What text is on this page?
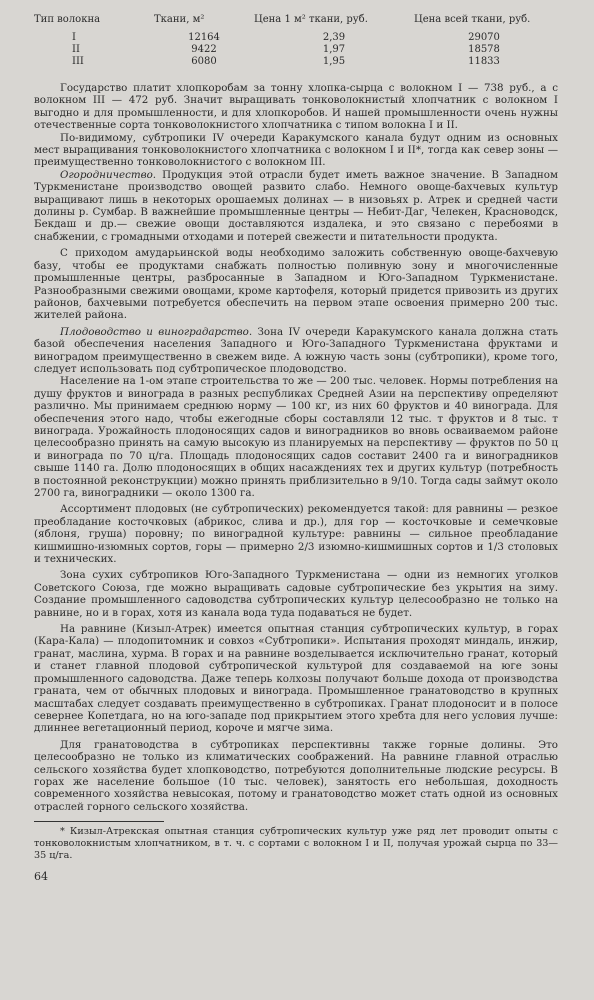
Тип волокна	Ткани, м²	Цена 1 м² ткани, руб.	Цена всей ткани, руб.
I	12164	2,39	29070
II	9422	1,97	18578
III	6080	1,95	11833

Государство платит хлопкоробам за тонну хлопка-сырца с волокном I — 738 руб., а с волокном III — 472 руб. Значит выращивать тонковолокнистый хлопчатник с волокном I выгодно и для промышленности, и для хлопкоробов. И нашей промышленности очень нужны отечественные сорта тонковолокнистого хлопчатника с типом волокна I и II.

По-видимому, субтропики IV очереди Каракумского канала будут одним из основных мест выращивания тонковолокнистого хлопчатника с волокном I и II*, тогда как север зоны — преимущественно тонковолокнистого с волокном III.

Огородничество. Продукция этой отрасли будет иметь важное значение. В Западном Туркменистане производство овощей развито слабо. Немного овоще-бахчевых культур выращивают лишь в некоторых орошаемых долинах — в низовьях р. Атрек и средней части долины р. Сумбар. В важнейшие промышленные центры — Небит-Даг, Челекен, Красноводск, Бекдаш и др.— свежие овощи доставляются издалека, и это связано с перебоями в снабжении, с громадными отходами и потерей свежести и питательности продукта.

С приходом амударьинской воды необходимо заложить собственную овоще-бахчевую базу, чтобы ее продуктами снабжать полностью поливную зону и многочисленные промышленные центры, разбросанные в Западном и Юго-Западном Туркменистане. Разнообразными свежими овощами, кроме картофеля, который придется привозить из других районов, бахчевыми потребуется обеспечить на первом этапе освоения примерно 200 тыс. жителей района.

Плодоводство и виноградарство. Зона IV очереди Каракумского канала должна стать базой обеспечения населения Западного и Юго-Западного Туркменистана фруктами и виноградом преимущественно в свежем виде. А южную часть зоны (субтропики), кроме того, следует использовать под субтропическое плодоводство.

Население на 1-ом этапе строительства то же — 200 тыс. человек. Нормы потребления на душу фруктов и винограда в разных республиках Средней Азии на перспективу определяют различно. Мы принимаем среднюю норму — 100 кг, из них 60 фруктов и 40 винограда. Для обеспечения этого надо, чтобы ежегодные сборы составляли 12 тыс. т фруктов и 8 тыс. т винограда. Урожайность плодоносящих садов и виноградников во вновь осваиваемом районе целесообразно принять на самую высокую из планируемых на перспективу — фруктов по 50 ц и винограда по 70 ц/га. Площадь плодоносящих садов составит 2400 га и виноградников свыше 1140 га. Долю плодоносящих в общих насаждениях тех и других культур (потребность в постоянной реконструкции) можно принять приблизительно в 9/10. Тогда сады займут около 2700 га, виноградники — около 1300 га.

Ассортимент плодовых (не субтропических) рекомендуется такой: для равнины — резкое преобладание косточковых (абрикос, слива и др.), для гор — косточковые и семечковые (яблоня, груша) поровну; по виноградной культуре: равнины — сильное преобладание кишмишно-изюмных сортов, горы — примерно 2/3 изюмно-кишмишных сортов и 1/3 столовых и технических.

Зона сухих субтропиков Юго-Западного Туркменистана — одни из немногих уголков Советского Союза, где можно выращивать садовые субтропические без укрытия на зиму. Создание промышленного садоводства субтропических культур целесообразно не только на равнине, но и в горах, хотя из канала вода туда подаваться не будет.

На равнине (Кизыл-Атрек) имеется опытная станция субтропических культур, в горах (Кара-Кала) — плодопитомник и совхоз «Субтропики». Испытания проходят миндаль, инжир, гранат, маслина, хурма. В горах и на равнине возделывается исключительно гранат, который и станет главной плодовой субтропической культурой для создаваемой на юге зоны промышленного садоводства. Даже теперь колхозы получают больше дохода от производства граната, чем от обычных плодовых и винограда. Промышленное гранатоводство в крупных масштабах следует создавать преимущественно в субтропиках. Гранат плодоносит и в полосе севернее Копетдага, но на юго-западе под прикрытием этого хребта для него условия лучше: длиннее вегетационный период, короче и мягче зима.

Для гранатоводства в субтропиках перспективны также горные долины. Это целесообразно не только из климатических соображений. На равнине главной отраслью сельского хозяйства будет хлопководство, потребуются дополнительные людские ресурсы. В горах же население большое (10 тыс. человек), занятость его небольшая, доходность современного хозяйства невысокая, потому и гранатоводство может стать одной из основных отраслей горного сельского хозяйства.

* Кизыл-Атрекская опытная станция субтропических культур уже ряд лет проводит опыты с тонковолокнистым хлопчатником, в т. ч. с сортами с волокном I и II, получая урожай сырца по 33—35 ц/га.

64
